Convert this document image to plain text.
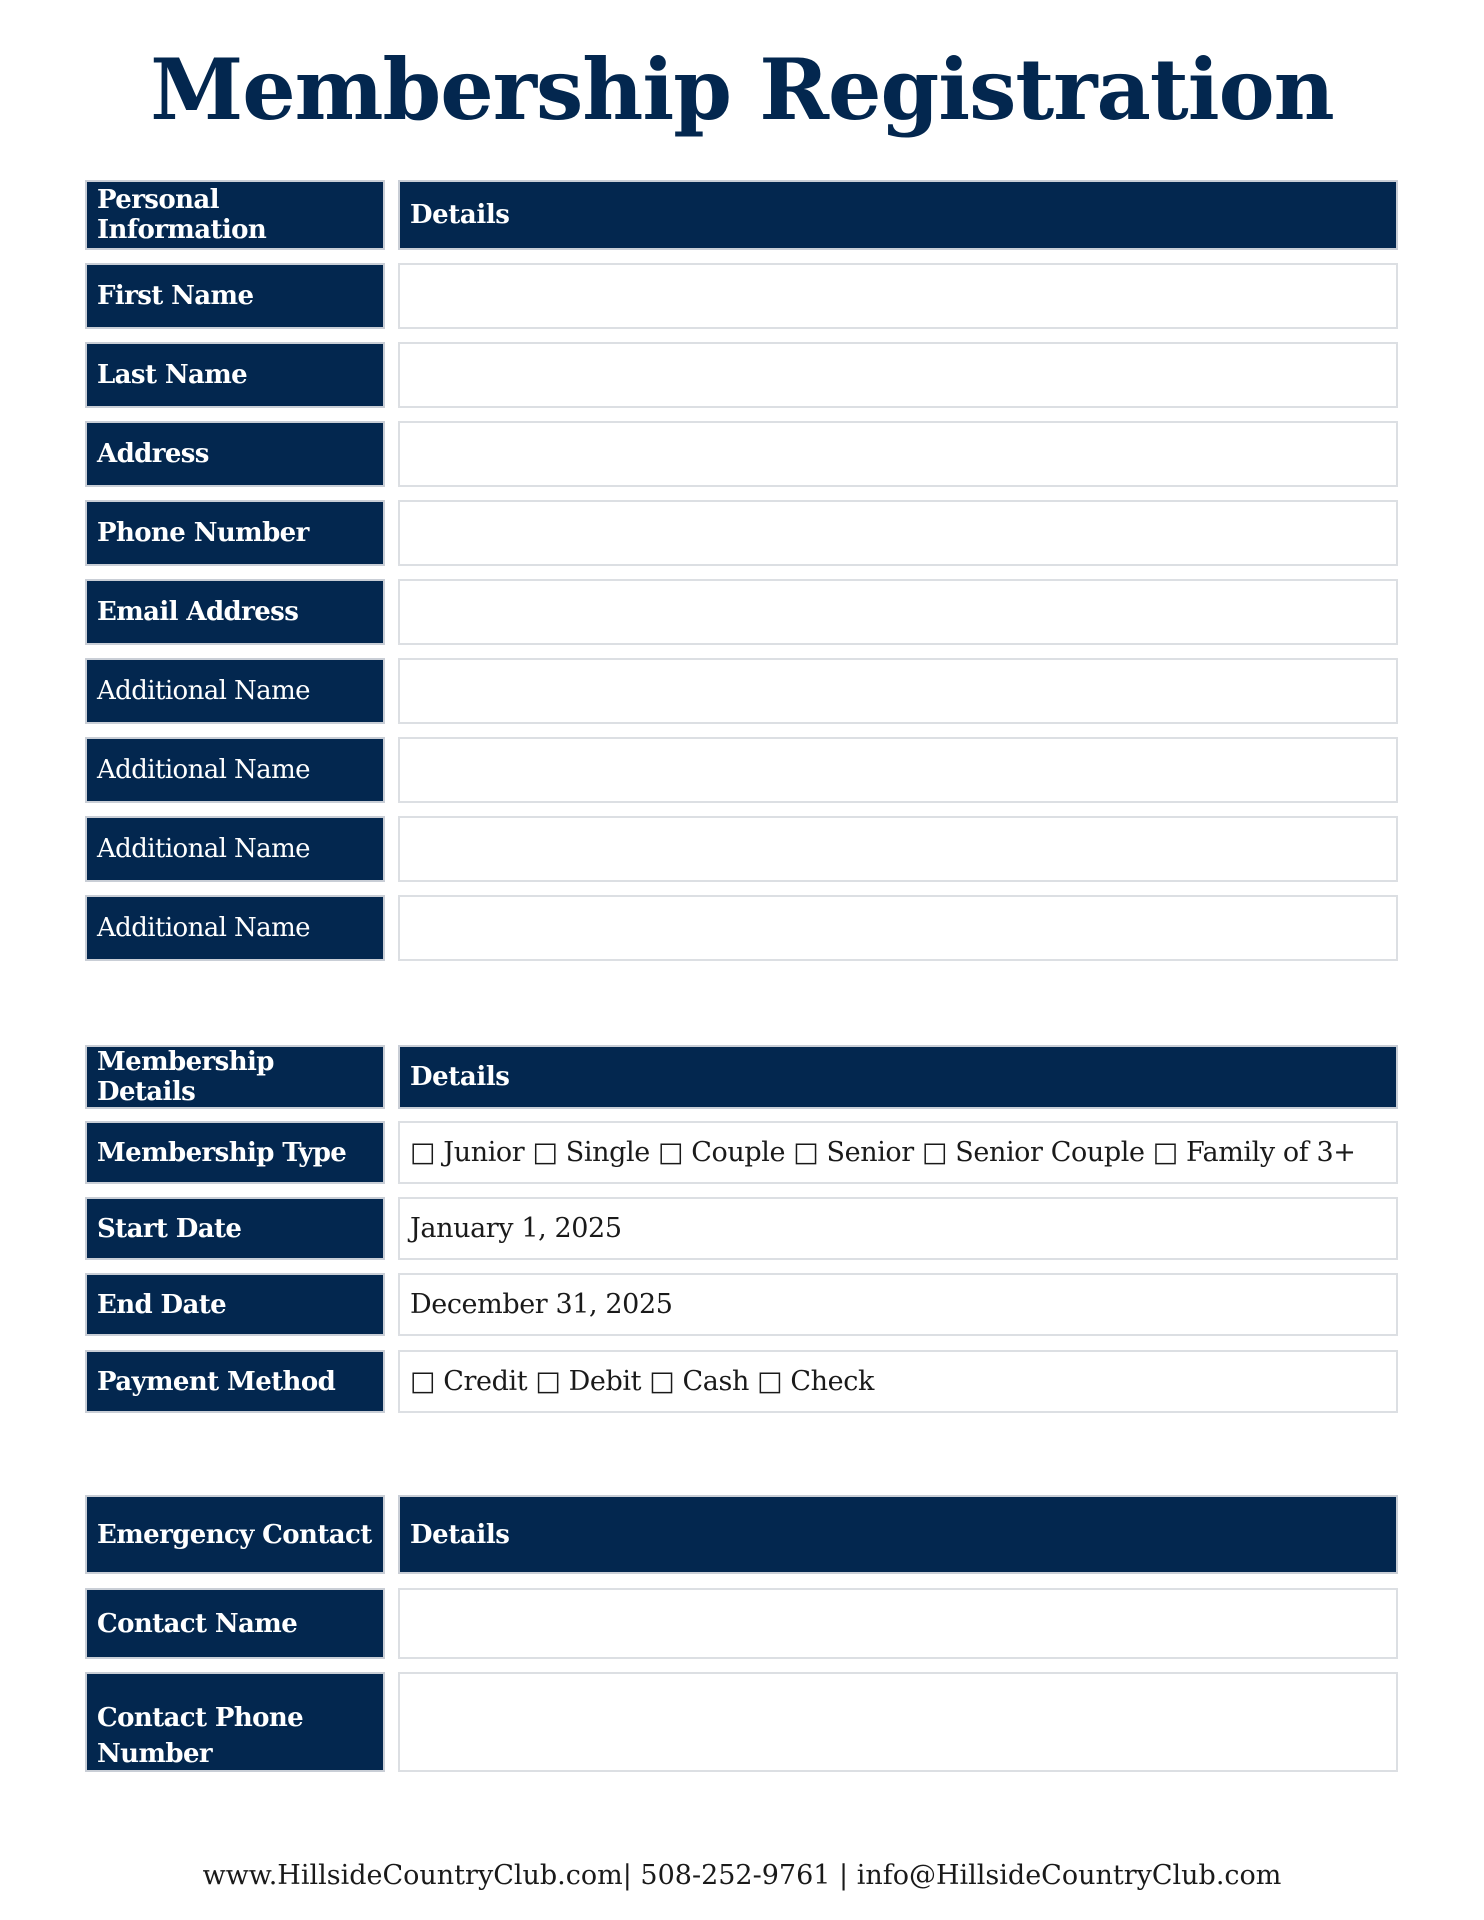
Membership Registration
Personal Information	Details
First Name
Last Name
Address
Phone Number
Email Address
Additional Name
Additional Name
Additional Name
Additional Name
Membership Details	Details
Membership Type	□ Junior □ Single □ Couple □ Senior □ Senior Couple □ Family of 3+
Start Date	January 1, 2025
End Date	December 31, 2025
Payment Method	□ Credit □ Debit □ Cash □ Check
Emergency Contact	Details
Contact Name
Contact Phone Number
www.HillsideCountryClub.com| 508-252-9761 | info@HillsideCountryClub.com
